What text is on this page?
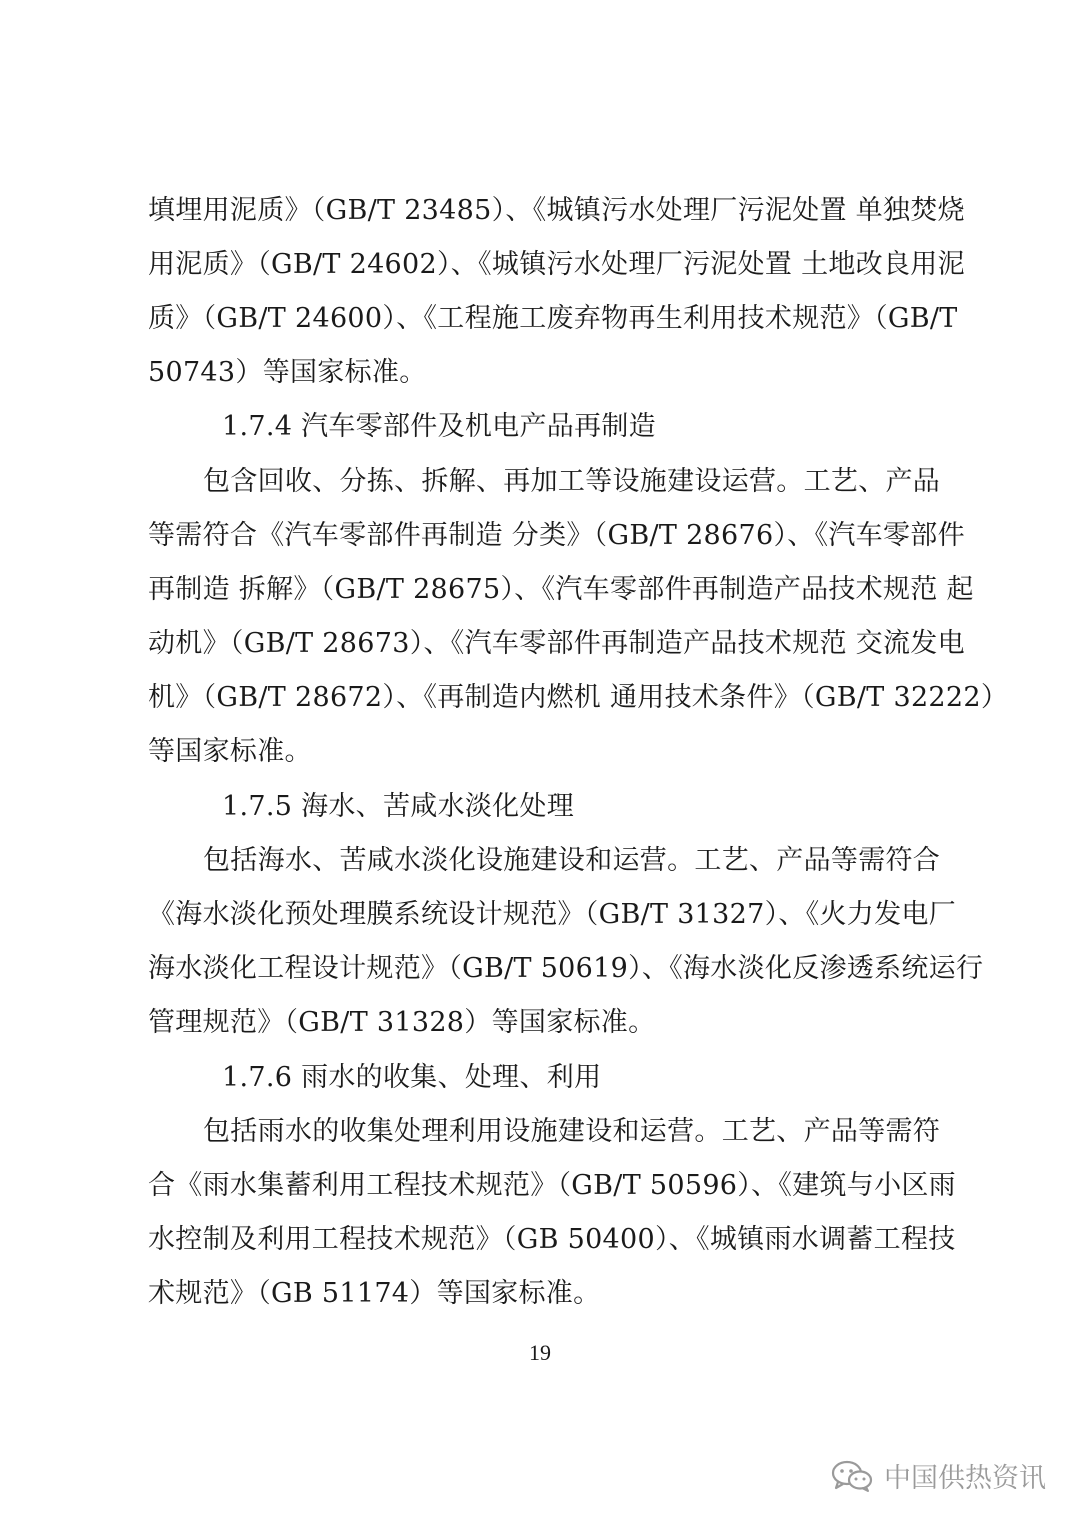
填埋用泥质》（GB/T 23485）、《城镇污水处理厂污泥处置 单独焚烧
用泥质》（GB/T 24602）、《城镇污水处理厂污泥处置 土地改良用泥
质》（GB/T 24600）、《工程施工废弃物再生利用技术规范》（GB/T
50743）等国家标准。
1.7.4 汽车零部件及机电产品再制造
包含回收、分拣、拆解、再加工等设施建设运营。工艺、产品
等需符合《汽车零部件再制造 分类》（GB/T 28676）、《汽车零部件
再制造 拆解》（GB/T 28675）、《汽车零部件再制造产品技术规范 起
动机》（GB/T 28673）、《汽车零部件再制造产品技术规范 交流发电
机》（GB/T 28672）、《再制造内燃机 通用技术条件》（GB/T 32222）
等国家标准。
1.7.5 海水、苦咸水淡化处理
包括海水、苦咸水淡化设施建设和运营。工艺、产品等需符合
《海水淡化预处理膜系统设计规范》（GB/T 31327）、《火力发电厂
海水淡化工程设计规范》（GB/T 50619）、《海水淡化反渗透系统运行
管理规范》（GB/T 31328）等国家标准。
1.7.6 雨水的收集、处理、利用
包括雨水的收集处理利用设施建设和运营。工艺、产品等需符
合《雨水集蓄利用工程技术规范》（GB/T 50596）、《建筑与小区雨
水控制及利用工程技术规范》（GB 50400）、《城镇雨水调蓄工程技
术规范》（GB 51174）等国家标准。
19
中国供热资讯
